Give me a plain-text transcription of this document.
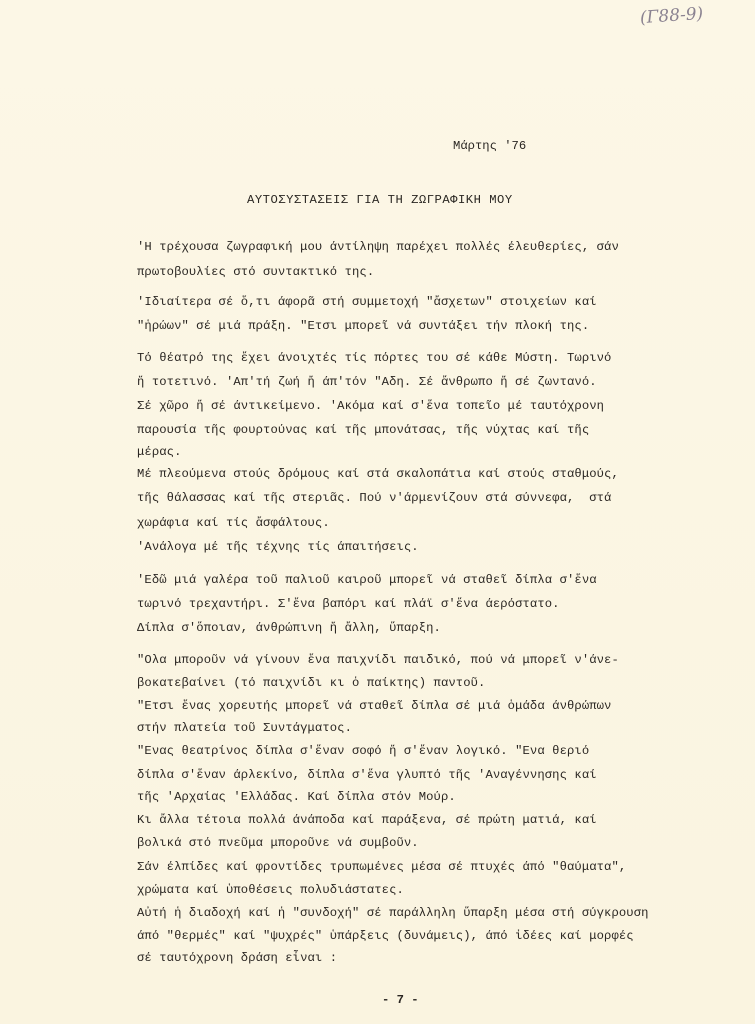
(Γ88-9)
Μάρτης '76
ΑΥΤΟΣΥΣΤΑΣΕΙΣ ΓΙΑ ΤΗ ΖΩΓΡΑΦΙΚΗ ΜΟΥ
'Η τρέχουσα ζωγραφική μου άντίληψη παρέχει πολλές έλευθερίες, σάν
πρωτοβουλίες στό συντακτικό της.
'Ιδιαίτερα σέ ὅ,τι άφορᾶ στή συμμετοχή "ἄσχετων" στοιχείων καί
"ἡρώων" σέ μιά πράξη. "Ετσι μπορεῖ νά συντάξει τήν πλοκή της.
Τό θέατρό της ἔχει άνοιχτές τίς πόρτες του σέ κάθε Μύστη. Τωρινό
ἤ τοτετινό. 'Απ'τή ζωή ἤ άπ'τόν "Αδη. Σέ ἄνθρωπο ἤ σέ ζωντανό.
Σέ χῶρο ἤ σέ άντικείμενο. 'Ακόμα καί σ'ἕνα τοπεῖο μέ ταυτόχρονη
παρουσία τῆς φουρτούνας καί τῆς μπονάτσας, τῆς νύχτας καί τῆς
μέρας.
Μέ πλεούμενα στούς δρόμους καί στά σκαλοπάτια καί στούς σταθμούς,
τῆς θάλασσας καί τῆς στεριᾶς. Πού ν'άρμενίζουν στά σύννεφα,  στά
χωράφια καί τίς ἄσφάλτους.
'Ανάλογα μέ τῆς τέχνης τίς άπαιτήσεις.
'Εδῶ μιά γαλέρα τοῦ παλιοῦ καιροῦ μπορεῖ νά σταθεῖ δίπλα σ'ἕνα
τωρινό τρεχαντήρι. Σ'ἕνα βαπόρι καί πλάϊ σ'ἕνα άερόστατο.
Δίπλα σ'ὅποιαν, άνθρώπινη ἤ ἄλλη, ὕπαρξη.
"Ολα μποροῦν νά γίνουν ἕνα παιχνίδι παιδικό, πού νά μπορεῖ ν'άνε-
βοκατεβαίνει (τό παιχνίδι κι ὁ παίκτης) παντοῦ.
"Ετσι ἕνας χορευτής μπορεῖ νά σταθεῖ δίπλα σέ μιά ὁμάδα άνθρώπων
στήν πλατεία τοῦ Συντάγματος.
"Ενας θεατρίνος δίπλα σ'ἕναν σοφό ἤ σ'ἕναν λογικό. "Ενα θεριό
δίπλα σ'ἕναν άρλεκίνο, δίπλα σ'ἕνα γλυπτό τῆς 'Αναγέννησης καί
τῆς 'Αρχαίας 'Ελλάδας. Καί δίπλα στόν Μούρ.
Κι ἄλλα τέτοια πολλά άνάποδα καί παράξενα, σέ πρώτη ματιά, καί
βολικά στό πνεῦμα μποροῦνε νά συμβοῦν.
Σάν έλπίδες καί φροντίδες τρυπωμένες μέσα σέ πτυχές άπό "θαύματα",
χρώματα καί ὑποθέσεις πολυδιάστατες.
Αὐτή ἡ διαδοχή καί ἡ "συνδοχή" σέ παράλληλη ὕπαρξη μέσα στή σύγκρουση
άπό "θερμές" καί "ψυχρές" ὑπάρξεις (δυνάμεις), άπό ἰδέες καί μορφές
σέ ταυτόχρονη δράση εἶναι :
- 7 -
